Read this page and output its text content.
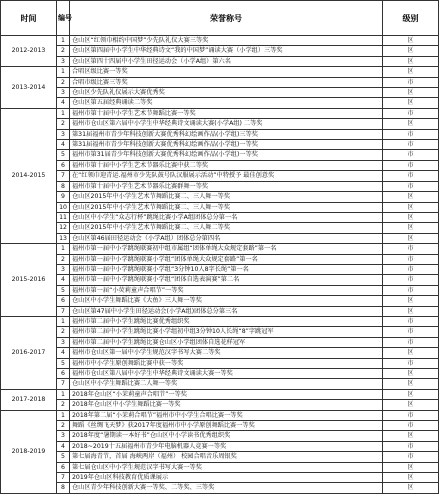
时间	编号	荣誉称号	级别
2012-2013	1	仓山区“红领巾相约中国梦”少先队礼仪大赛三等奖	区
	2	仓山区第四届中小学生中华经典诗文“我的中国梦”诵读大赛（小学组）三等奖	区
	3	仓山区第四十四届中小学生田径运动会（小学A组）第六名	区
2013-2014	1	合唱区级比赛一等奖	区
	2	合唱市级比赛三等奖	市
	3	仓山区少先队礼仪展示大赛优秀奖	区
	4	仓山区第五届经典诵读二等奖	区
2014-2015	1	福州市第十届中小学生艺术节舞蹈比赛一等奖	市
	2	福州市仓山区第六届中小学生中华经典诗文诵读大赛(小学A组) 二等奖	区
	3	第31届福州市青少年科技创新大赛优秀科幻绘画作品(小学组)三等奖	市
	4	第31届福州市青少年科技创新大赛优秀科幻绘画作品(小学组)一等奖	市
	5	福州市第31届青少年科技创新大赛优秀科幻绘画作品(小学组)一等奖	市
	6	福州市第十届中小学生艺术节器乐比赛中获二等奖	市
	7	在“红领巾迎青运.福州市少先队鼓号队汉服展示活动”中特授予 最佳创意奖	市
	8	福州市第十届中小学生艺术节器乐比赛群舞一等奖	市
	9	仓山区2015年中小学生艺术节舞蹈比赛二、三人舞一等奖	区
	10	仓山区2015年中小学生艺术节舞蹈比赛二、三人舞一等奖	区
	11	仓山区中小学生“众志行杯”跳绳比赛小学A组团体总分第一名	区
	12	仓山区2015年中小学生艺术节舞蹈比赛二、三人舞二等奖	区
	13	仓山区第46届田径运动会（小学A组）团体总分第四名	区
2015-2016	1	福州市第一届中小学跳绳联赛初中组市属组“团体单绳大众规定套路”第一名	市
	2	福州市第一届中小学跳绳联赛小学组“团体单绳大众规定套路”第一名	市
	3	福州市第一届中小学跳绳联赛小学组“3分钟10人8字长绳”第一名	市
	4	福州市第一届中小学跳绳联赛小学组“团体自选表演赛”第二名	市
	5	福州市第一届“小荧莉童声合唱节”一等奖	市
	6	仓山区中小学生舞蹈比赛《大鱼》三人舞一等奖	区
	7	仓山区第47届中小学生田径运动会(小学A组)团体总分第三名	区
2016-2017	1	福州市第二届中小学生跳绳比赛优秀组织奖	市
	2	福州市第二届中小学生跳绳比赛小学组初中组3分钟10人长绳“8”字跳冠军	市
	3	福州市第二届中小学生跳绳比赛仓山区小学组团体自选花样冠军	市
	4	福州市仓山区第一届中小学生规范汉字书写大赛二等奖	区
	5	福州市中小学生原创舞蹈比赛中获一等奖	市
	6	福州市仓山区第八届中小学生中华经典诗文诵读大赛一等奖	区
	7	仓山区中小学生舞蹈比赛二人舞一等奖	区
2017-2018	1	2018年仓山区“小茉莉童声合唱节”一等奖	区
	2	2018年仓山区中小学生舞蹈比赛一等奖	区
2018-2019	1	2018年第二届“小茉莉合唱节”福州市中小学生合唱比赛一等奖	市
	2	舞蹈《丝绸飞天梦》获2017年度福州市中小学原创舞蹈比赛一等奖	市
	3	2018年度“暑期读一本好书”仓山区中小学读书优秀组织奖	区
	4	2018~2019十五届福州市青少年电脑机器人竞赛一等奖	市
	5	第七届海青节，首届 海峡两岸（福州） 校园合唱音乐周银奖	市
	6	第七届仓山区中小学生规范汉字书写大赛一等奖	区
	7	2019年仓山区科技教育优质课展示	区
	8	仓山区青少年科技创新大赛一等奖、二等奖、三等奖	区
